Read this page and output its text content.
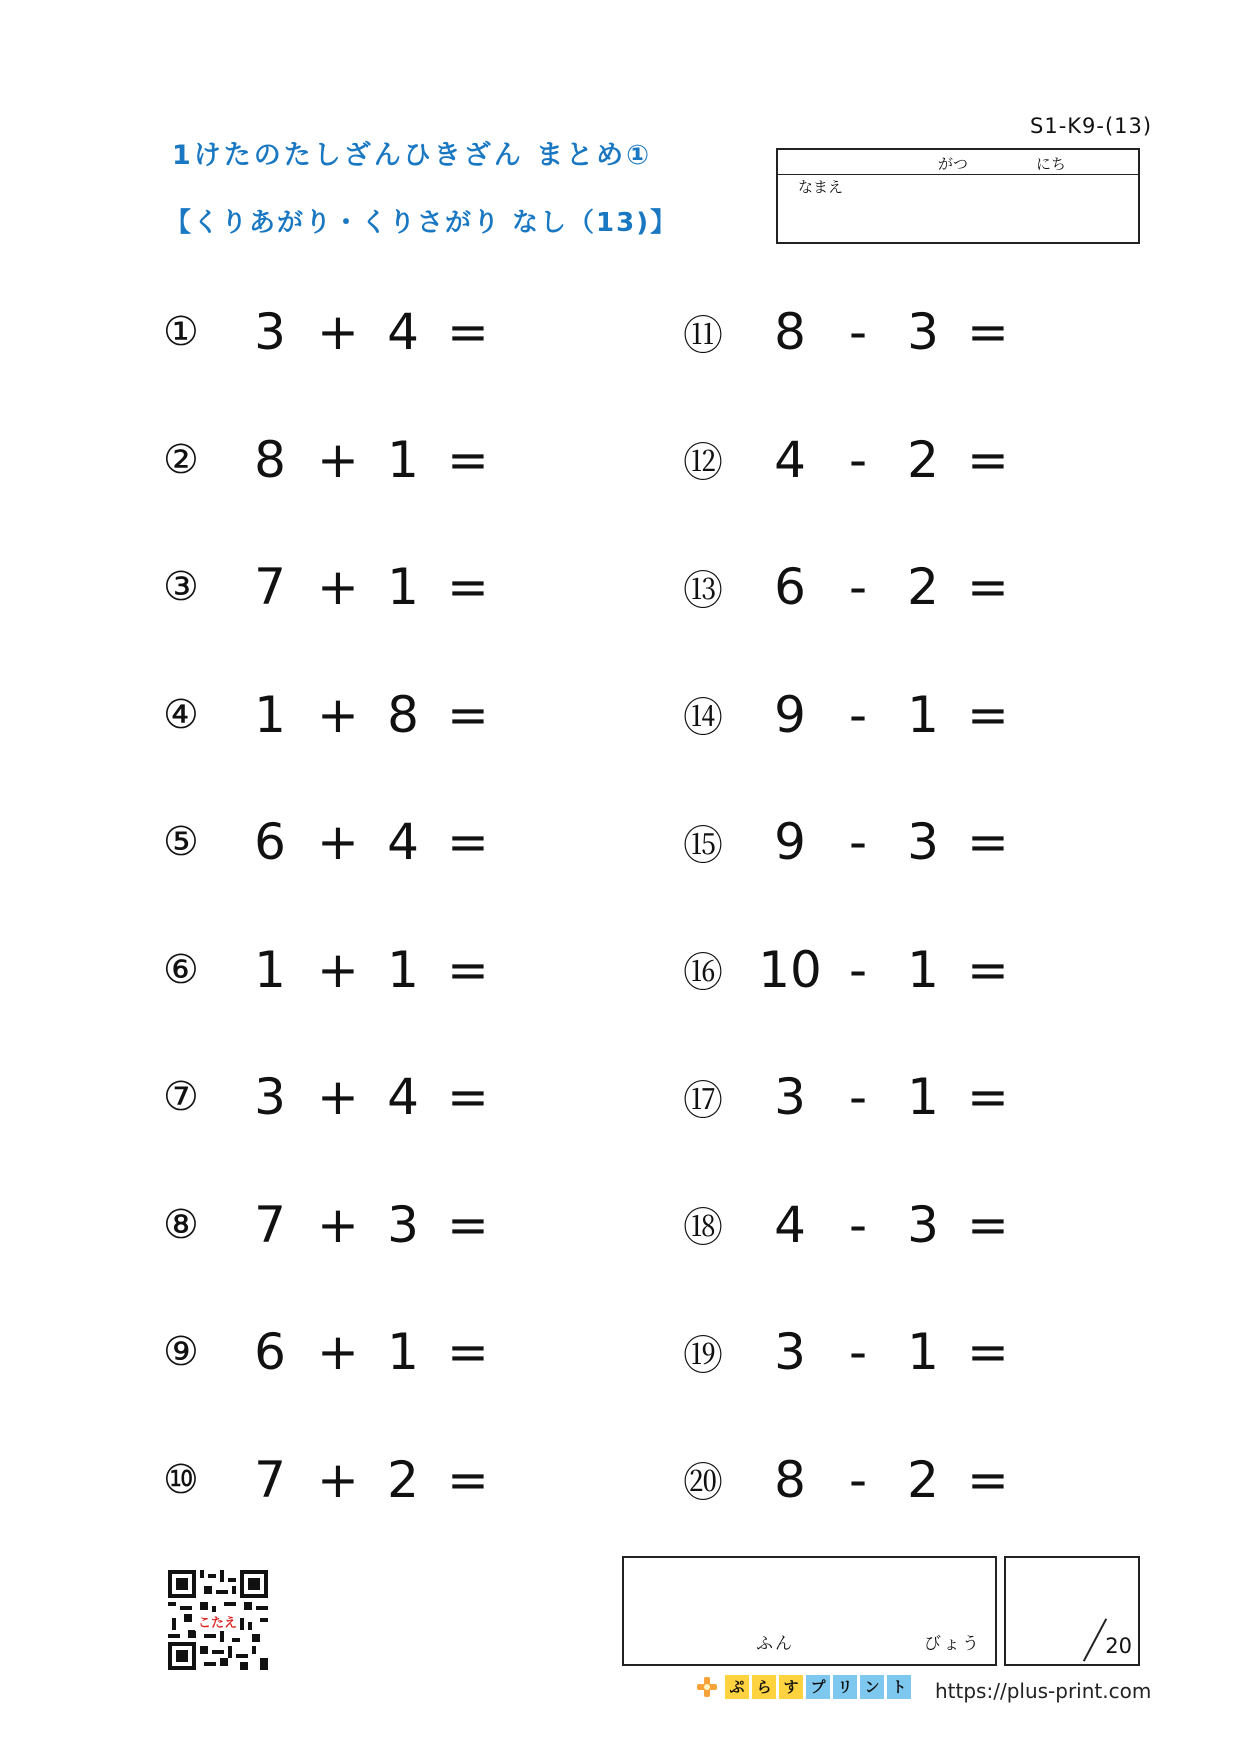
S1-K9-(13)
1けたのたしざんひきざん まとめ①
【くりあがり・くりさがり なし（13)】
がつ	にち
なまえ
①	3 + 4 =
②	8 + 1 =
③	7 + 1 =
④	1 + 8 =
⑤	6 + 4 =
⑥	1 + 1 =
⑦	3 + 4 =
⑧	7 + 3 =
⑨	6 + 1 =
⑩	7 + 2 =
⑪	8 - 3 =
⑫	4 - 2 =
⑬	6 - 2 =
⑭	9 - 1 =
⑮	9 - 3 =
⑯ 10 - 1 =
⑰	3 - 1 =
⑱	4 - 3 =
⑲	3 - 1 =
⑳	8 - 2 =
ふん	びょう	20
こたえ
ぷ ら す プ リ ン ト https://plus-print.com
